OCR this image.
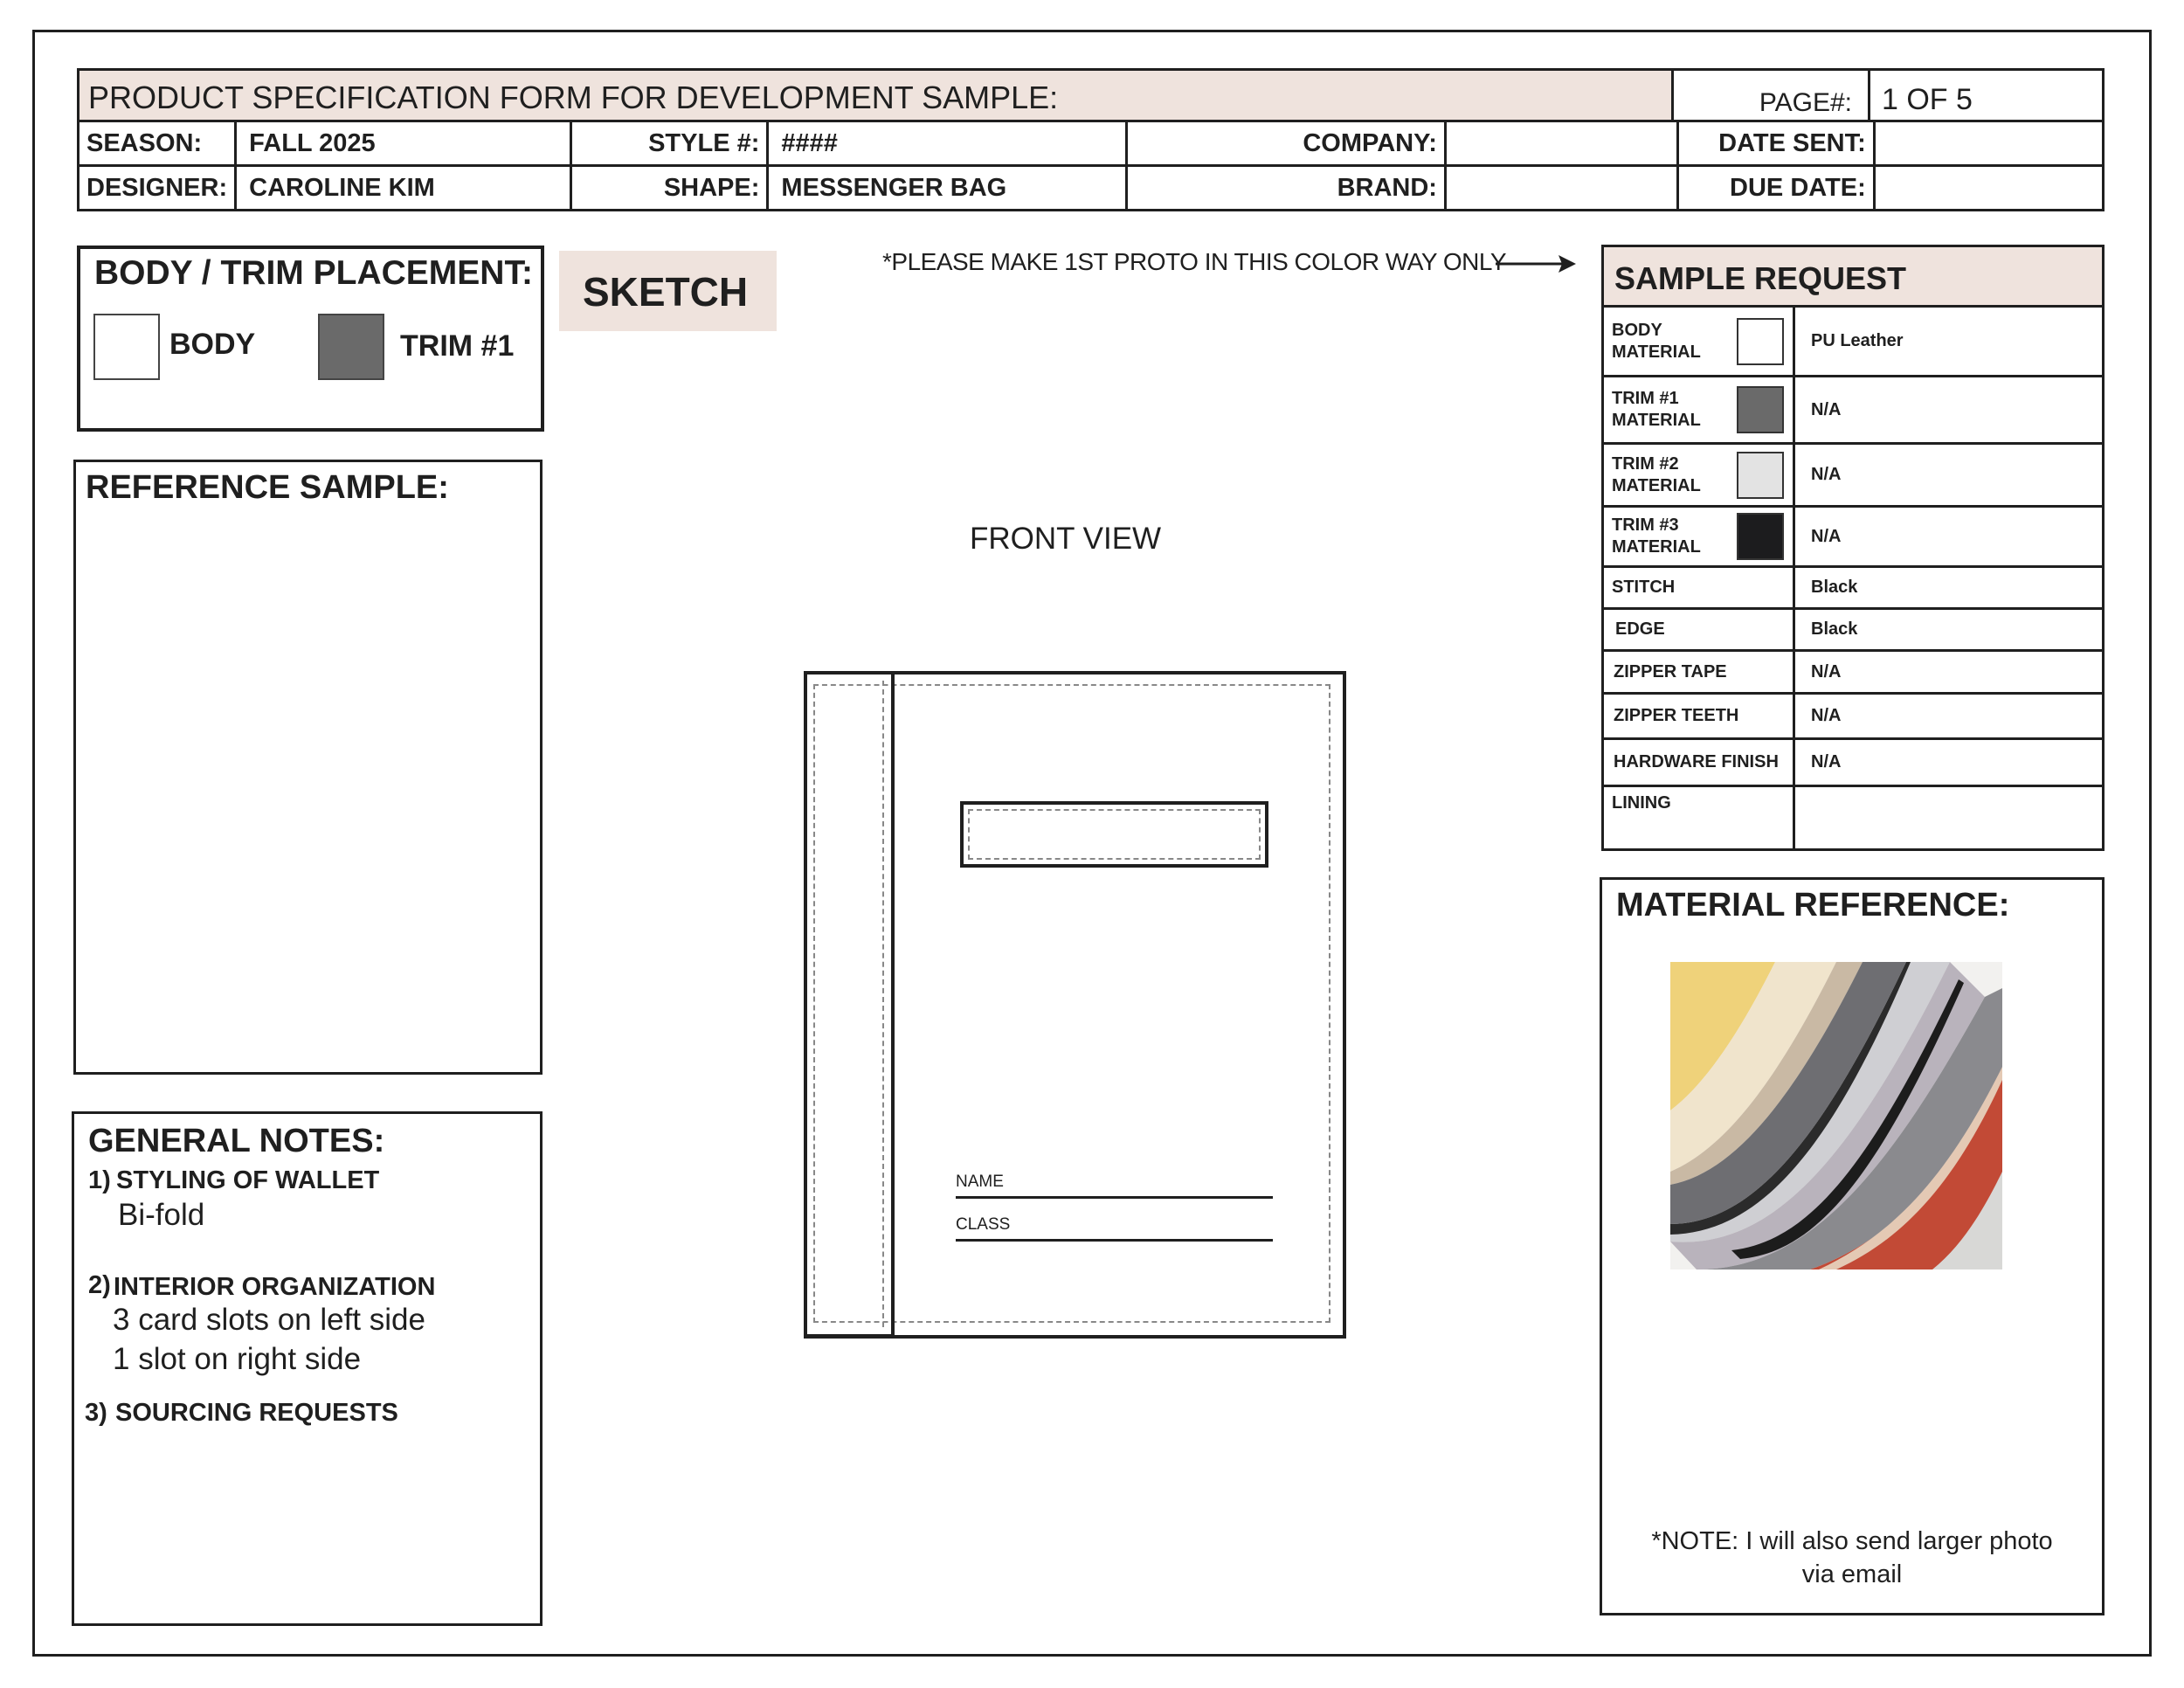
PRODUCT SPECIFICATION FORM FOR DEVELOPMENT SAMPLE:	PAGE#: 1 OF 5
SEASON:	FALL 2025	STYLE #:	####	COMPANY:		DATE SENT:	
DESIGNER:	CAROLINE KIM	SHAPE:	MESSENGER BAG	BRAND:		DUE DATE:	
BODY / TRIM PLACEMENT:
BODY	TRIM #1
SKETCH
*PLEASE MAKE 1ST PROTO IN THIS COLOR WAY ONLY
REFERENCE SAMPLE:
GENERAL NOTES:
1) STYLING OF WALLET
Bi-fold
2) INTERIOR ORGANIZATION
3 card slots on left side
1 slot on right side
3) SOURCING REQUESTS
FRONT VIEW
NAME
CLASS
SAMPLE REQUEST
BODY
MATERIAL	PU Leather
TRIM #1
MATERIAL	N/A
TRIM #2
MATERIAL	N/A
TRIM #3
MATERIAL	N/A
STITCH	Black
EDGE	Black
ZIPPER TAPE	N/A
ZIPPER TEETH	N/A
HARDWARE FINISH	N/A
LINING	
MATERIAL REFERENCE:
*NOTE: I will also send larger photo
via email
